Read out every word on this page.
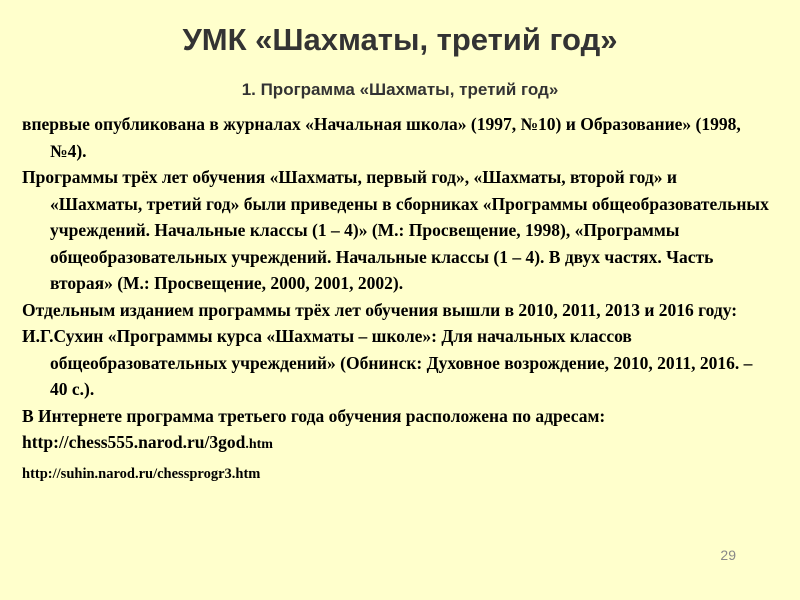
УМК «Шахматы, третий год»
1. Программа «Шахматы, третий год»

впервые опубликована в журналах «Начальная школа» (1997, №10) и Образование» (1998, №4).

Программы трёх лет обучения «Шахматы, первый год», «Шахматы, второй год» и «Шахматы, третий год» были приведены в сборниках «Программы общеобразовательных учреждений. Начальные классы (1 – 4)» (М.: Просвещение, 1998), «Программы общеобразовательных учреждений. Начальные классы (1 – 4). В двух частях. Часть вторая» (М.: Просвещение, 2000, 2001, 2002).

Отдельным изданием программы трёх лет обучения вышли в 2010, 2011, 2013 и 2016 году:

И.Г.Сухин «Программы курса «Шахматы – школе»: Для начальных классов общеобразовательных учреждений» (Обнинск: Духовное возрождение, 2010, 2011, 2016. – 40 с.).

В Интернете программа третьего года обучения расположена по адресам:

http://chess555.narod.ru/3god.htm

http://suhin.narod.ru/chessprogr3.htm

29
